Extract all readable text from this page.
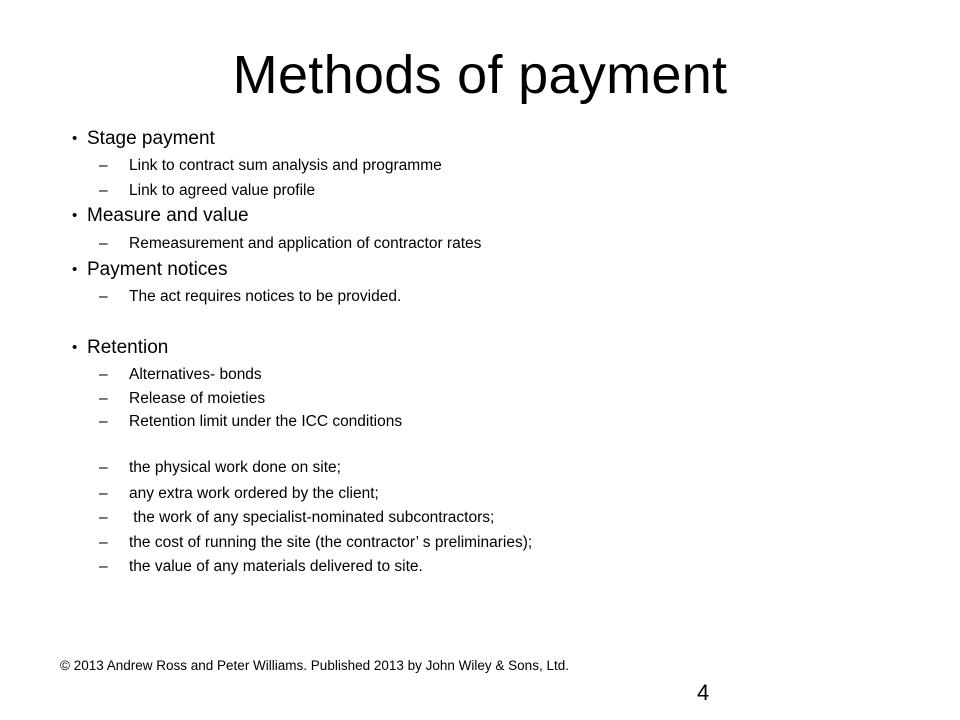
Methods of payment
• Stage payment
–	Link to contract sum analysis and programme
–	Link to agreed value profile
• Measure and value
–	Remeasurement and application of contractor rates
• Payment notices
–	The act requires notices to be provided.
• Retention
–	Alternatives- bonds
–	Release of moieties
–	Retention limit under the ICC conditions
–	the physical work done on site;
–	any extra work ordered by the client;
–	the work of any specialist-nominated subcontractors;
–	the cost of running the site (the contractor’ s preliminaries);
–	the value of any materials delivered to site.
© 2013 Andrew Ross and Peter Williams. Published 2013 by John Wiley & Sons, Ltd.
4
